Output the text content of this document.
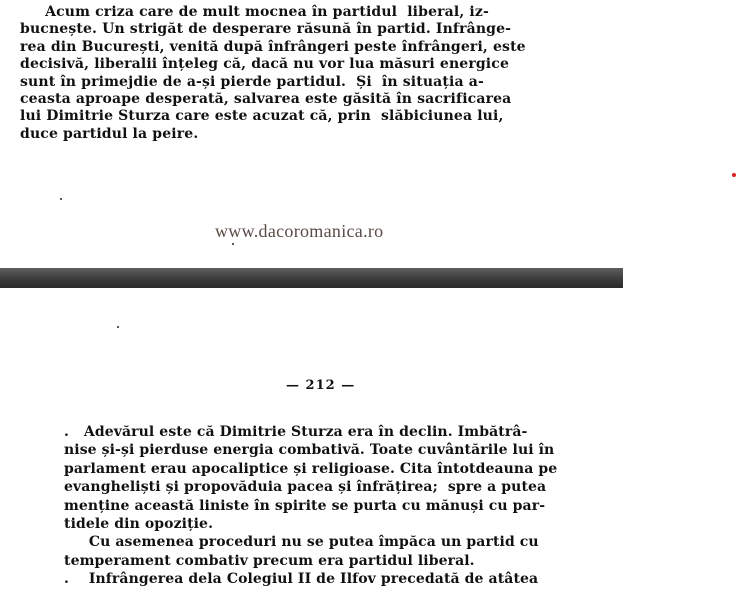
Acum criza care de mult mocnea în partidul  liberal, iz-
bucnește. Un strigăt de desperare răsună în partid. Infrânge-
rea din București, venită după înfrângeri peste înfrângeri, este
decisivă, liberalii înțeleg că, dacă nu vor lua măsuri energice
sunt în primejdie de a-și pierde partidul.  Și  în situația a-
ceasta aproape desperată, salvarea este găsită în sacrificarea
lui Dimitrie Sturza care este acuzat că, prin  slăbiciunea lui,
duce partidul la peire.
www.dacoromanica.ro
— 212 —
.   Adevărul este că Dimitrie Sturza era în declin. Imbătrâ-
nise și-și pierduse energia combativă. Toate cuvântările lui în
parlament erau apocaliptice și religioase. Cita întotdeauna pe
evangheliști și propovăduia pacea și înfrățirea;  spre a putea
menține această liniste în spirite se purta cu mănuși cu par-
tidele din opoziție.
Cu asemenea proceduri nu se putea împăca un partid cu
temperament combativ precum era partidul liberal.
.    Infrângerea dela Colegiul II de Ilfov precedată de atâtea
